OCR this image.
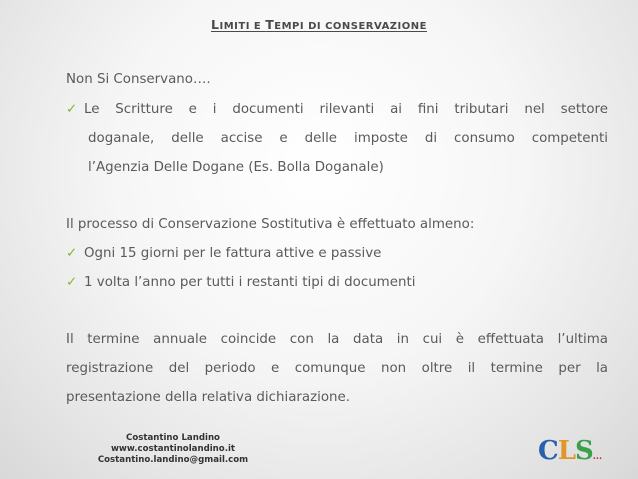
LIMITI E TEMPI DI CONSERVAZIONE
Non Si Conservano….
✓ Le Scritture e i documenti rilevanti ai fini tributari nel settore
doganale, delle accise e delle imposte di consumo competenti
l’Agenzia Delle Dogane (Es. Bolla Doganale)
Il processo di Conservazione Sostitutiva è effettuato almeno:
✓ Ogni 15 giorni per le fattura attive e passive
✓ 1 volta l’anno per tutti i restanti tipi di documenti
Il termine annuale coincide con la data in cui è effettuata l’ultima
registrazione del periodo e comunque non oltre il termine per la
presentazione della relativa dichiarazione.
Costantino Landino
www.costantinolandino.it
Costantino.landino@gmail.com	CLS...
